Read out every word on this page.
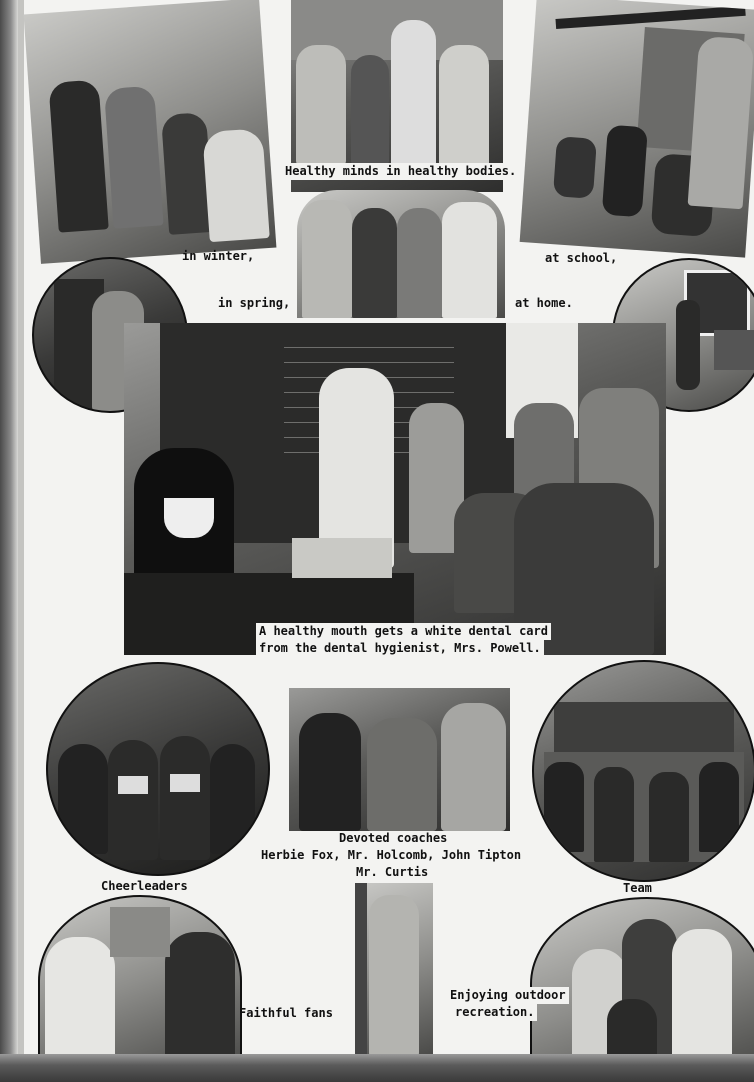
Healthy minds in healthy bodies.
in winter,	at school,
in spring,	at home.
A healthy mouth gets a white dental card
from the dental hygienist, Mrs. Powell.
Cheerleaders
Devoted coaches
Herbie Fox, Mr. Holcomb, John Tipton
Mr. Curtis
Team
Faithful fans
Enjoying outdoor
recreation.
